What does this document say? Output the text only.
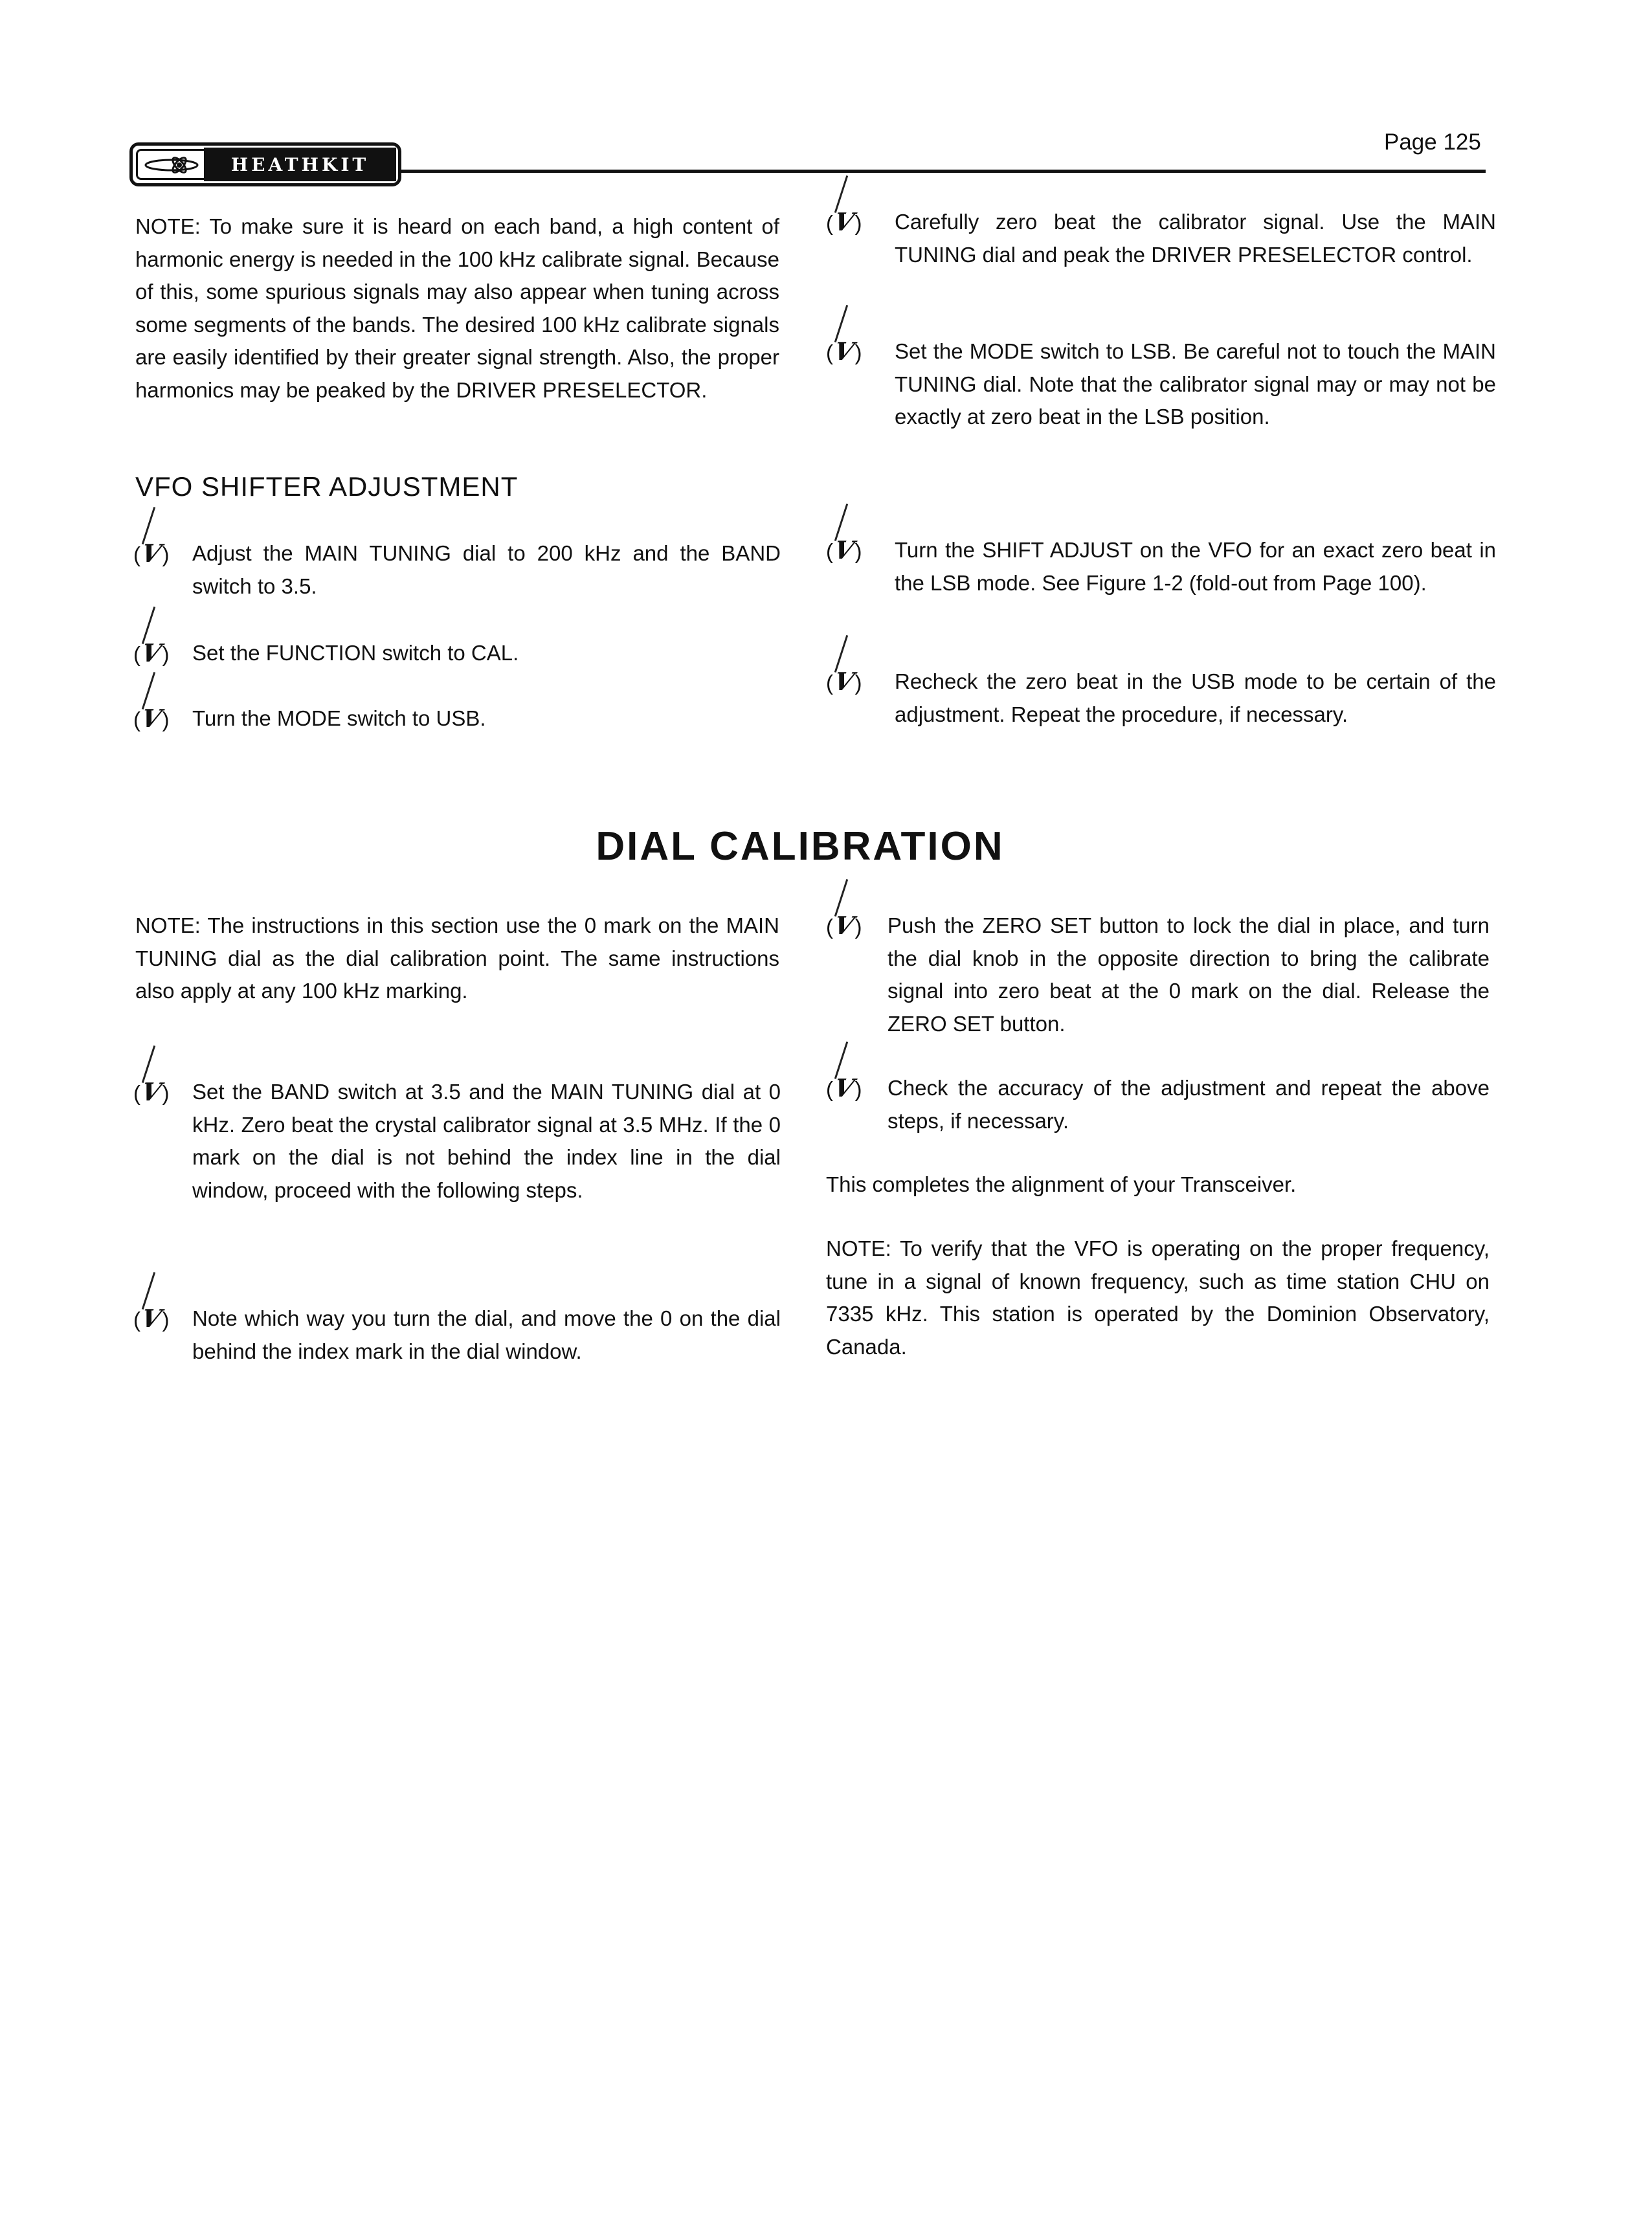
HEATHKIT
Page 125
NOTE: To make sure it is heard on each band, a high content of harmonic energy is needed in the 100 kHz calibrate signal. Because of this, some spurious signals may also appear when tuning across some segments of the bands. The desired 100 kHz calibrate signals are easily identified by their greater signal strength. Also, the proper harmonics may be peaked by the DRIVER PRESELECTOR.
VFO SHIFTER ADJUSTMENT
(V) Adjust the MAIN TUNING dial to 200 kHz and the BAND switch to 3.5.
(V) Set the FUNCTION switch to CAL.
(V) Turn the MODE switch to USB.
(V) Carefully zero beat the calibrator signal. Use the MAIN TUNING dial and peak the DRIVER PRESELECTOR control.
(V) Set the MODE switch to LSB. Be careful not to touch the MAIN TUNING dial. Note that the calibrator signal may or may not be exactly at zero beat in the LSB position.
(V) Turn the SHIFT ADJUST on the VFO for an exact zero beat in the LSB mode. See Figure 1-2 (fold-out from Page 100).
(V) Recheck the zero beat in the USB mode to be certain of the adjustment. Repeat the procedure, if necessary.
DIAL CALIBRATION
NOTE: The instructions in this section use the 0 mark on the MAIN TUNING dial as the dial calibration point. The same instructions also apply at any 100 kHz marking.
(V) Set the BAND switch at 3.5 and the MAIN TUNING dial at 0 kHz. Zero beat the crystal calibrator signal at 3.5 MHz. If the 0 mark on the dial is not behind the index line in the dial window, proceed with the following steps.
(V) Note which way you turn the dial, and move the 0 on the dial behind the index mark in the dial window.
(V) Push the ZERO SET button to lock the dial in place, and turn the dial knob in the opposite direction to bring the calibrate signal into zero beat at the 0 mark on the dial. Release the ZERO SET button.
(V) Check the accuracy of the adjustment and repeat the above steps, if necessary.
This completes the alignment of your Transceiver.
NOTE: To verify that the VFO is operating on the proper frequency, tune in a signal of known frequency, such as time station CHU on 7335 kHz. This station is operated by the Dominion Observatory, Canada.
